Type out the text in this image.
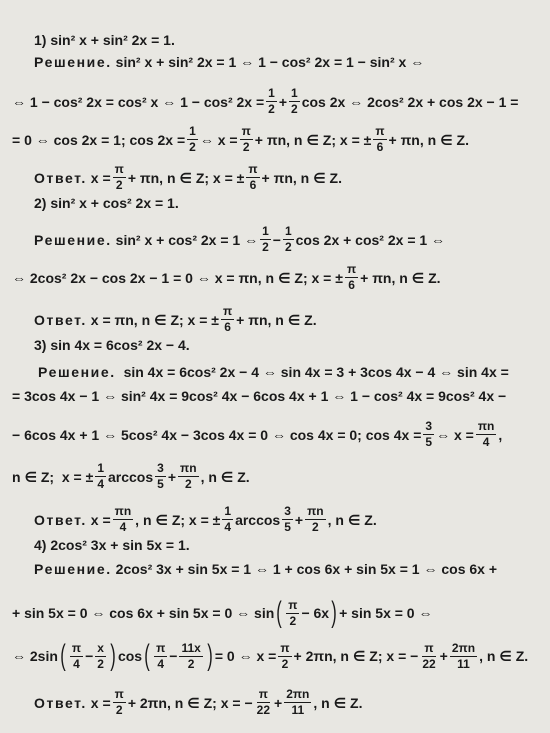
1) sin² x + sin² 2x = 1.
Решение.
sin² x + sin² 2x = 1 ⇔ 1 − cos² 2x = 1 − sin² x ⇔
⇔ 1 − cos² 2x = cos² x ⇔ 1 − cos² $2x = \frac{1}{2} + \frac{1}{2}$ cos 2x ⇔ 2cos² 2x + cos 2x − 1 =
= 0 ⇔ cos 2x = 1; $\cos 2x = \frac{1}{2}$ ⇔ $x = \frac{\pi}{2} + \pi n$, n ∈ Z; x = ± $\frac{\pi}{6} + \pi n$, n ∈ Z.
Ответ.
$x = \frac{\pi}{2} + \pi n$, n ∈ Z; x = ± $\frac{\pi}{6} + \pi n$, n ∈ Z.
2) sin² x + cos² 2x = 1.
Решение.
sin² x + cos² 2x = 1 ⇔ $\frac{1}{2} - \frac{1}{2}$ cos 2x + cos² 2x = 1 ⇔
⇔ 2cos² 2x − cos 2x − 1 = 0 ⇔ x = πn, n ∈ Z; x = ± $\frac{\pi}{6} + \pi n$, n ∈ Z.
Ответ.
x = πn, n ∈ Z; x = ± $\frac{\pi}{6} + \pi n$, n ∈ Z.
3) sin 4x = 6cos² 2x − 4.
Решение.
sin 4x = 6cos² 2x − 4 ⇔ sin 4x = 3 + 3cos 4x − 4 ⇔ sin 4x =
= 3cos 4x − 1 ⇔ sin² 4x = 9cos² 4x − 6cos 4x + 1 ⇔ 1 − cos² 4x = 9cos² 4x −
− 6cos 4x + 1 ⇔ 5cos² 4x − 3cos 4x = 0 ⇔ cos 4x = 0; $\cos 4x = \frac{3}{5}$ ⇔ $x = \frac{\pi n}{4}$ ,
n ∈ Z;  x = ± $\frac{1}{4}$ $\arccos \frac{3}{5} + \frac{\pi n}{2}$ , n ∈ Z.
Ответ.
$x = \frac{\pi n}{4}$ , n ∈ Z; x = ± $\frac{1}{4}$ $\arccos \frac{3}{5} + \frac{\pi n}{2}$ , n ∈ Z.
4) 2cos² 3x + sin 5x = 1.
Решение.
2cos² 3x + sin 5x = 1 ⇔ 1 + cos 6x + sin 5x = 1 ⇔ cos 6x +
+ sin 5x = 0 ⇔ cos 6x + sin 5x = 0 ⇔ sin ( $\frac{\pi}{2} - 6x$ ) + sin 5x = 0 ⇔
⇔ 2sin ( $\frac{\pi}{4} - \frac{x}{2}$ ) cos ( $\frac{\pi}{4} - \frac{11x}{2}$ ) = 0 ⇔ $x = \frac{\pi}{2} + 2\pi n$, n ∈ Z; x = − $\frac{\pi}{22} + \frac{2\pi n}{11}$ , n ∈ Z.
Ответ.
$x = \frac{\pi}{2} + 2\pi n$, n ∈ Z; x = − $\frac{\pi}{22} + \frac{2\pi n}{11}$ , n ∈ Z.
